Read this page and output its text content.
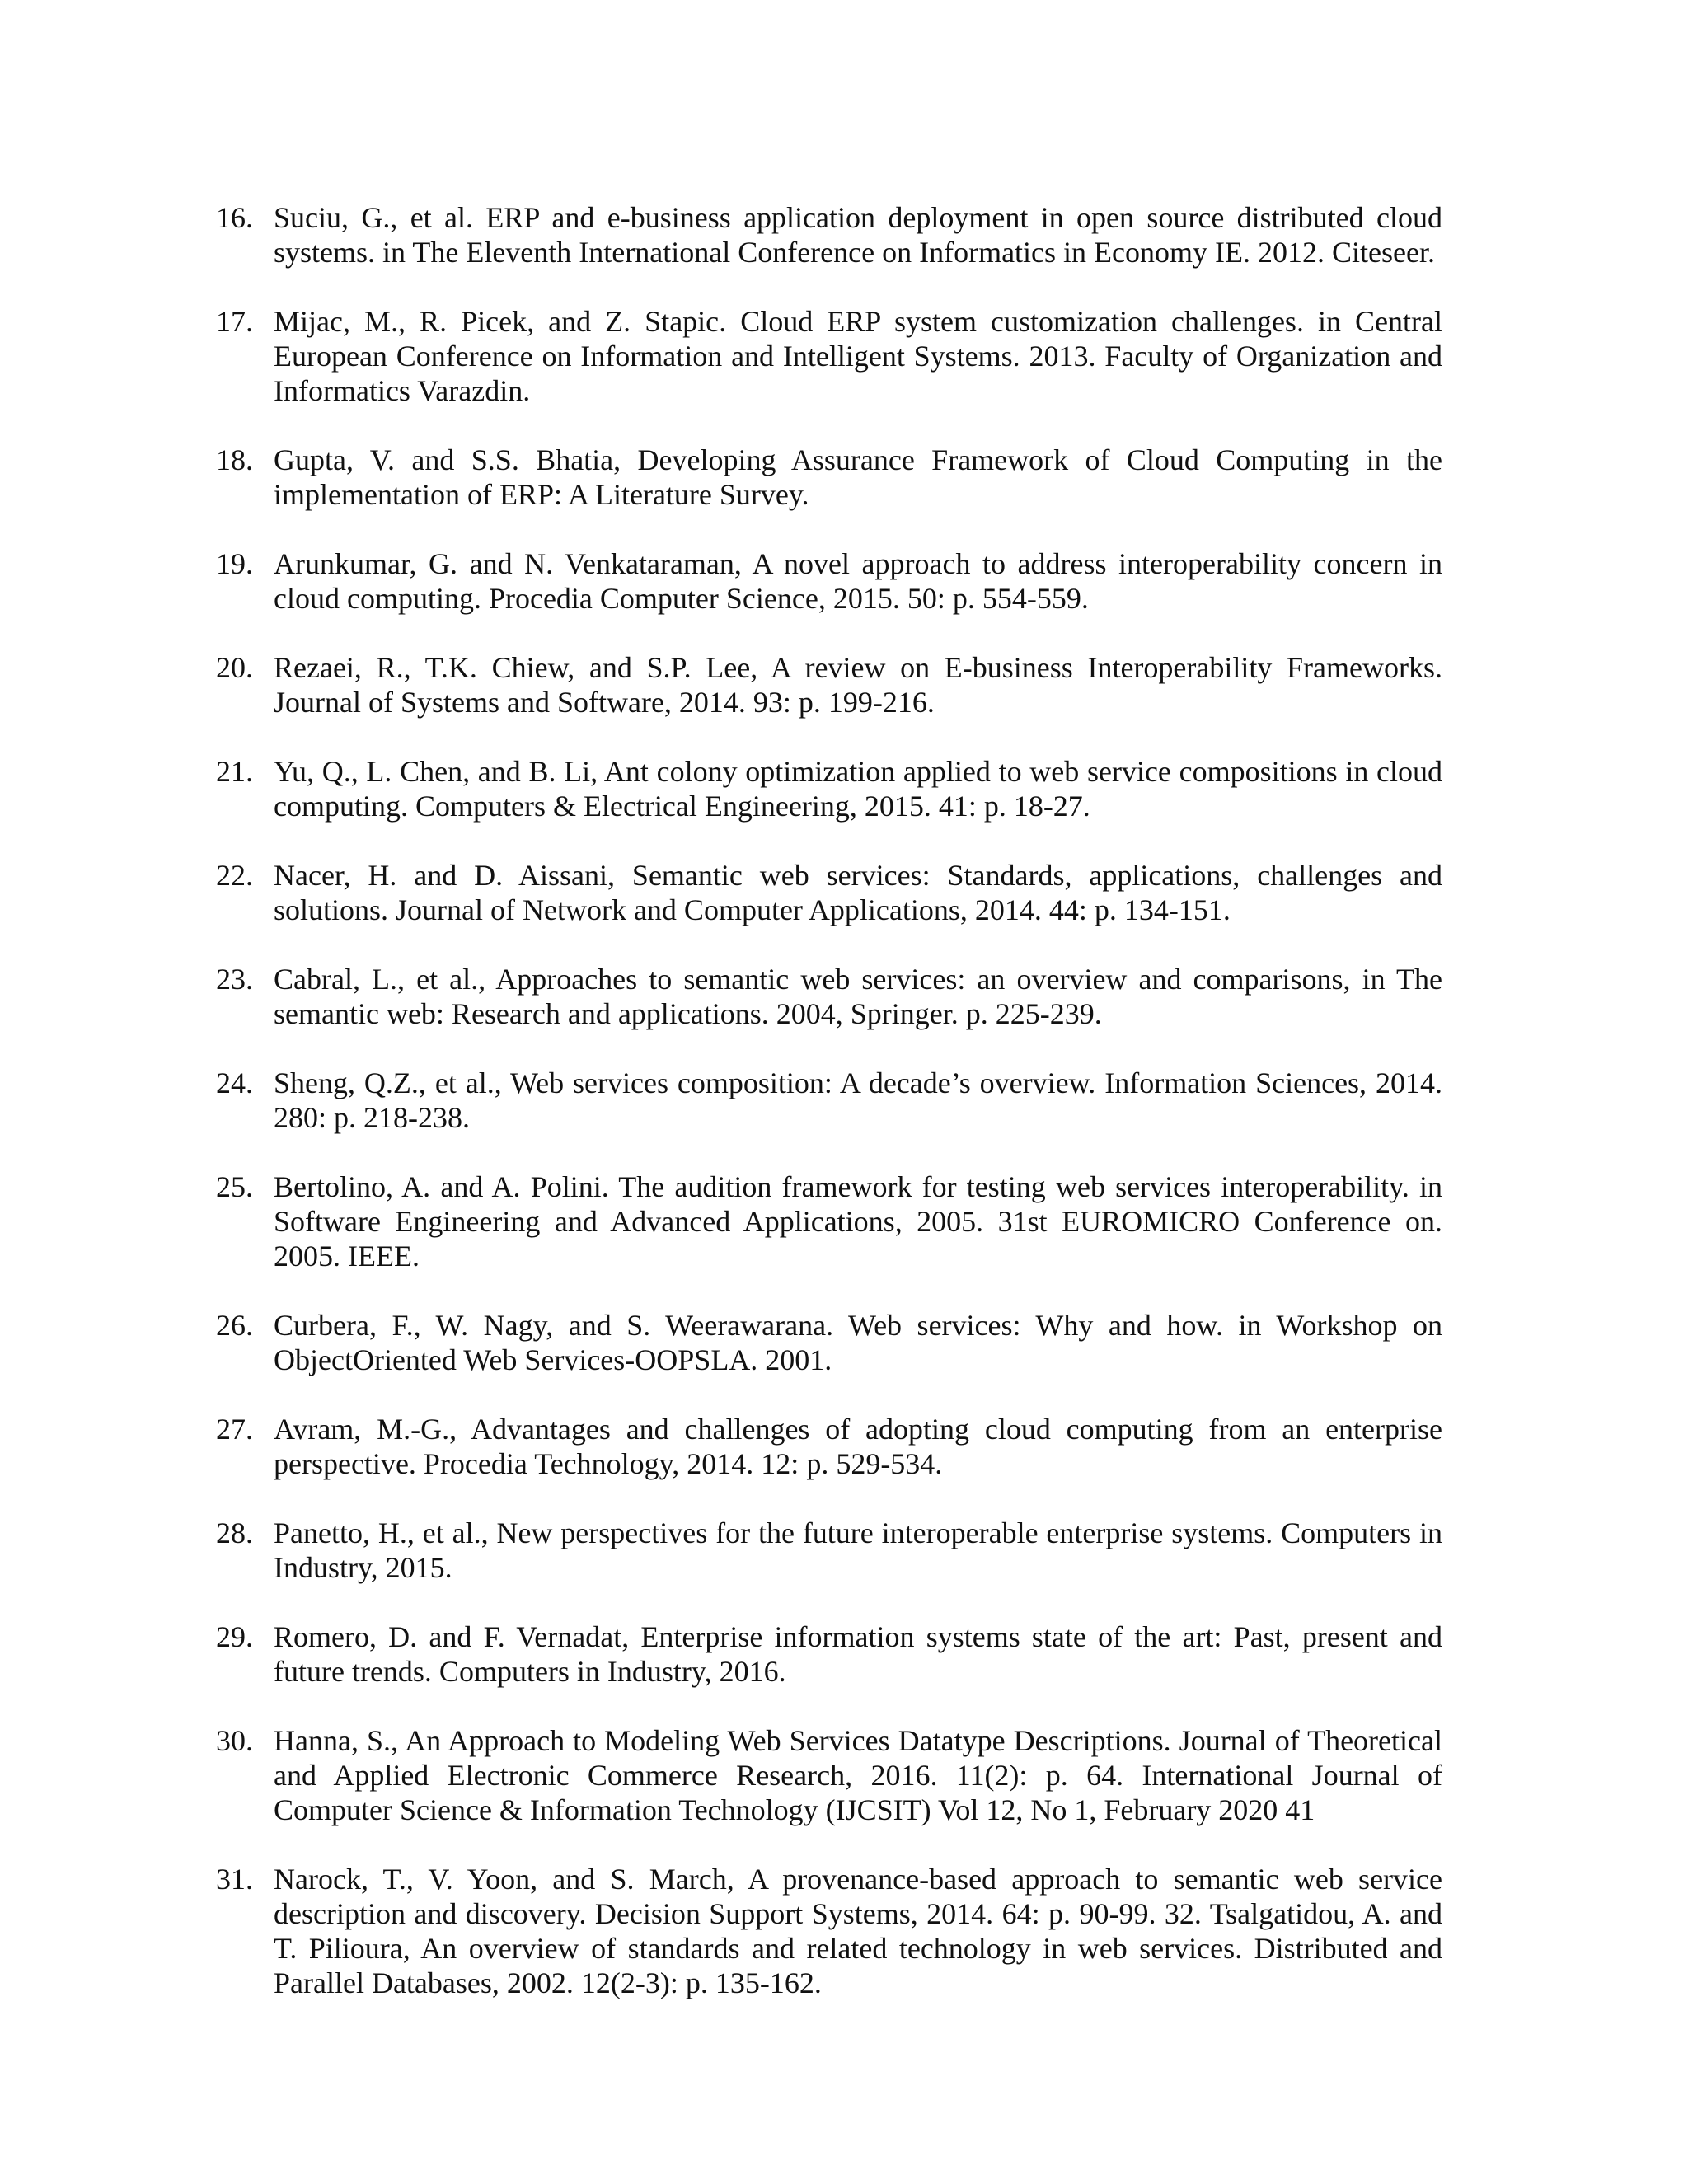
16. Suciu, G., et al. ERP and e-business application deployment in open source distributed cloud systems. in The Eleventh International Conference on Informatics in Economy IE. 2012. Citeseer.
17. Mijac, M., R. Picek, and Z. Stapic. Cloud ERP system customization challenges. in Central European Conference on Information and Intelligent Systems. 2013. Faculty of Organization and Informatics Varazdin.
18. Gupta, V. and S.S. Bhatia, Developing Assurance Framework of Cloud Computing in the implementation of ERP: A Literature Survey.
19. Arunkumar, G. and N. Venkataraman, A novel approach to address interoperability concern in cloud computing. Procedia Computer Science, 2015. 50: p. 554-559.
20. Rezaei, R., T.K. Chiew, and S.P. Lee, A review on E-business Interoperability Frameworks. Journal of Systems and Software, 2014. 93: p. 199-216.
21. Yu, Q., L. Chen, and B. Li, Ant colony optimization applied to web service compositions in cloud computing. Computers & Electrical Engineering, 2015. 41: p. 18-27.
22. Nacer, H. and D. Aissani, Semantic web services: Standards, applications, challenges and solutions. Journal of Network and Computer Applications, 2014. 44: p. 134-151.
23. Cabral, L., et al., Approaches to semantic web services: an overview and comparisons, in The semantic web: Research and applications. 2004, Springer. p. 225-239.
24. Sheng, Q.Z., et al., Web services composition: A decade’s overview. Information Sciences, 2014. 280: p. 218-238.
25. Bertolino, A. and A. Polini. The audition framework for testing web services interoperability. in Software Engineering and Advanced Applications, 2005. 31st EUROMICRO Conference on. 2005. IEEE.
26. Curbera, F., W. Nagy, and S. Weerawarana. Web services: Why and how. in Workshop on ObjectOriented Web Services-OOPSLA. 2001.
27. Avram, M.-G., Advantages and challenges of adopting cloud computing from an enterprise perspective. Procedia Technology, 2014. 12: p. 529-534.
28. Panetto, H., et al., New perspectives for the future interoperable enterprise systems. Computers in Industry, 2015.
29. Romero, D. and F. Vernadat, Enterprise information systems state of the art: Past, present and future trends. Computers in Industry, 2016.
30. Hanna, S., An Approach to Modeling Web Services Datatype Descriptions. Journal of Theoretical and Applied Electronic Commerce Research, 2016. 11(2): p. 64. International Journal of Computer Science & Information Technology (IJCSIT) Vol 12, No 1, February 2020 41
31. Narock, T., V. Yoon, and S. March, A provenance-based approach to semantic web service description and discovery. Decision Support Systems, 2014. 64: p. 90-99. 32. Tsalgatidou, A. and T. Pilioura, An overview of standards and related technology in web services. Distributed and Parallel Databases, 2002. 12(2-3): p. 135-162.
